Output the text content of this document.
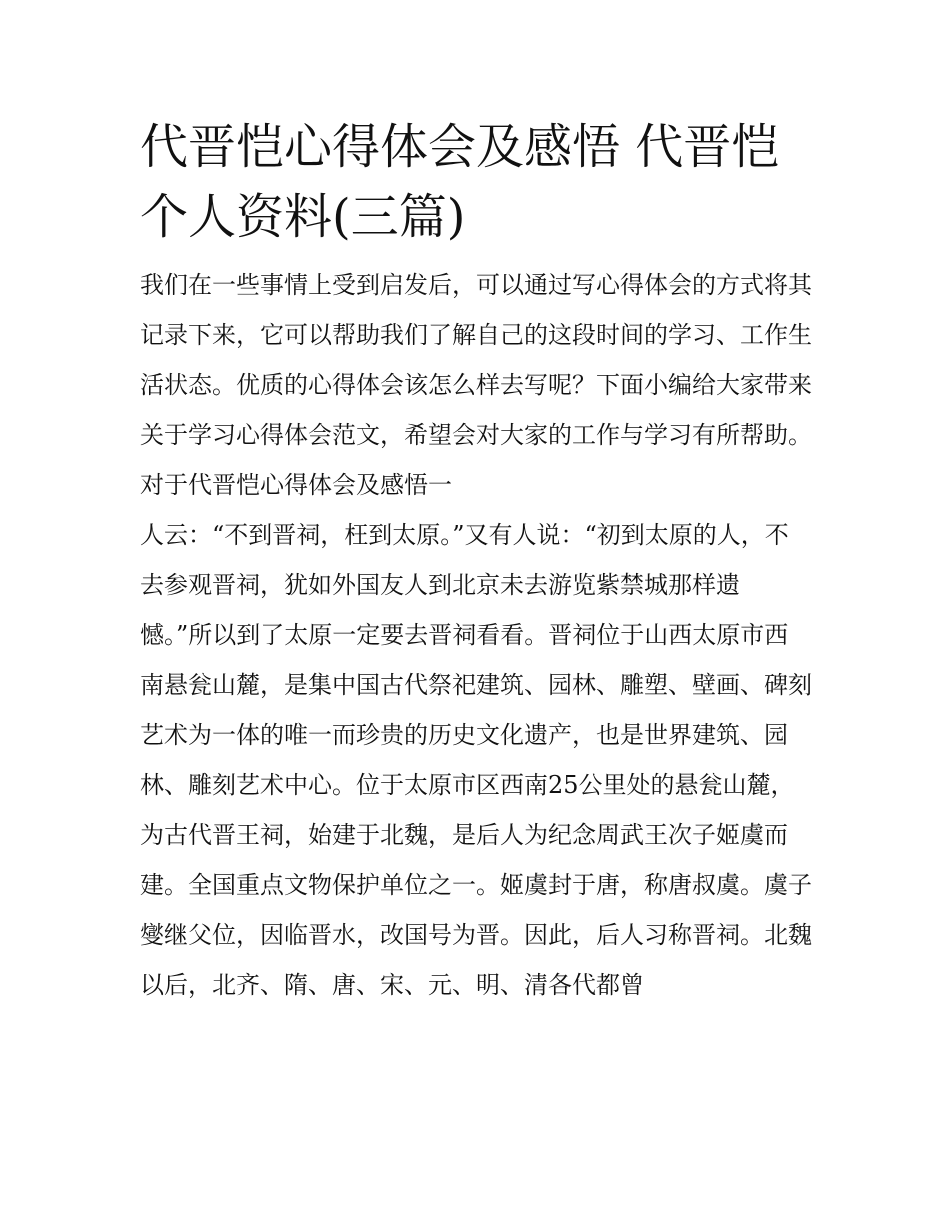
代晋恺心得体会及感悟 代晋恺个人资料(三篇)

我们在一些事情上受到启发后，可以通过写心得体会的方式将其记录下来，它可以帮助我们了解自己的这段时间的学习、工作生活状态。优质的心得体会该怎么样去写呢？下面小编给大家带来关于学习心得体会范文，希望会对大家的工作与学习有所帮助。

对于代晋恺心得体会及感悟一

人云：“不到晋祠，枉到太原。”又有人说：“初到太原的人，不去参观晋祠，犹如外国友人到北京未去游览紫禁城那样遗憾。”所以到了太原一定要去晋祠看看。晋祠位于山西太原市西南悬瓮山麓，是集中国古代祭祀建筑、园林、雕塑、壁画、碑刻艺术为一体的唯一而珍贵的历史文化遗产，也是世界建筑、园林、雕刻艺术中心。位于太原市区西南25公里处的悬瓮山麓，为古代晋王祠，始建于北魏，是后人为纪念周武王次子姬虞而建。全国重点文物保护单位之一。姬虞封于唐，称唐叔虞。虞子燮继父位，因临晋水，改国号为晋。因此，后人习称晋祠。北魏以后，北齐、隋、唐、宋、元、明、清各代都曾
